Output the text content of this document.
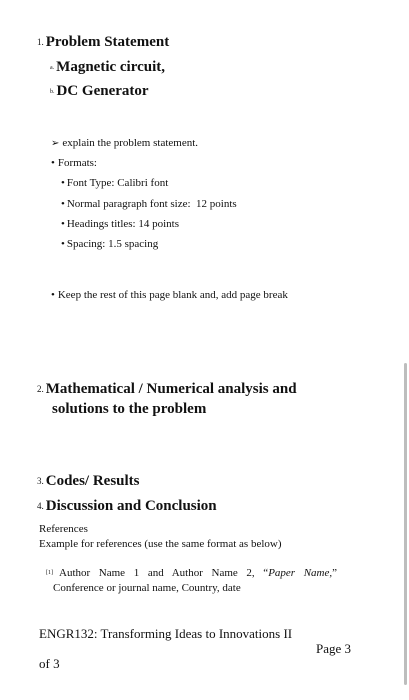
1. Problem Statement
$^{a.}$ Magnetic circuit,
$^{b.}$ DC Generator
➢ explain the problem statement.
• Formats:
• Font Type: Calibri font
• Normal paragraph font size:  12 points
• Headings titles: 14 points
• Spacing: 1.5 spacing
• Keep the rest of this page blank and, add page break
2. Mathematical / Numerical analysis and
solutions to the problem
3. Codes/ Results
4. Discussion and Conclusion
References
Example for references (use the same format as below)
[1] Author Name 1 and Author Name 2, “Paper Name,”
Conference or journal name, Country, date
ENGR132: Transforming Ideas to Innovations II
Page 3
of 3
